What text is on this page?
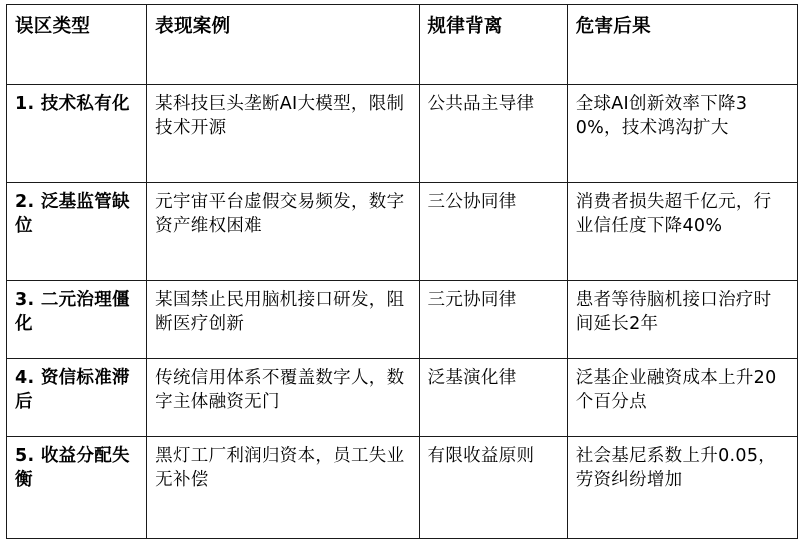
误区类型	表现案例	规律背离	危害后果
1. 技术私有化	某科技巨头垄断AI大模型，限制技术开源	公共品主导律	全球AI创新效率下降30%，技术鸿沟扩大
2. 泛基监管缺位	元宇宙平台虚假交易频发，数字资产维权困难	三公协同律	消费者损失超千亿元，行业信任度下降40%
3. 二元治理僵化	某国禁止民用脑机接口研发，阻断医疗创新	三元协同律	患者等待脑机接口治疗时间延长2年
4. 资信标准滞后	传统信用体系不覆盖数字人，数字主体融资无门	泛基演化律	泛基企业融资成本上升20个百分点
5. 收益分配失衡	黑灯工厂利润归资本，员工失业无补偿	有限收益原则	社会基尼系数上升0.05，劳资纠纷增加
